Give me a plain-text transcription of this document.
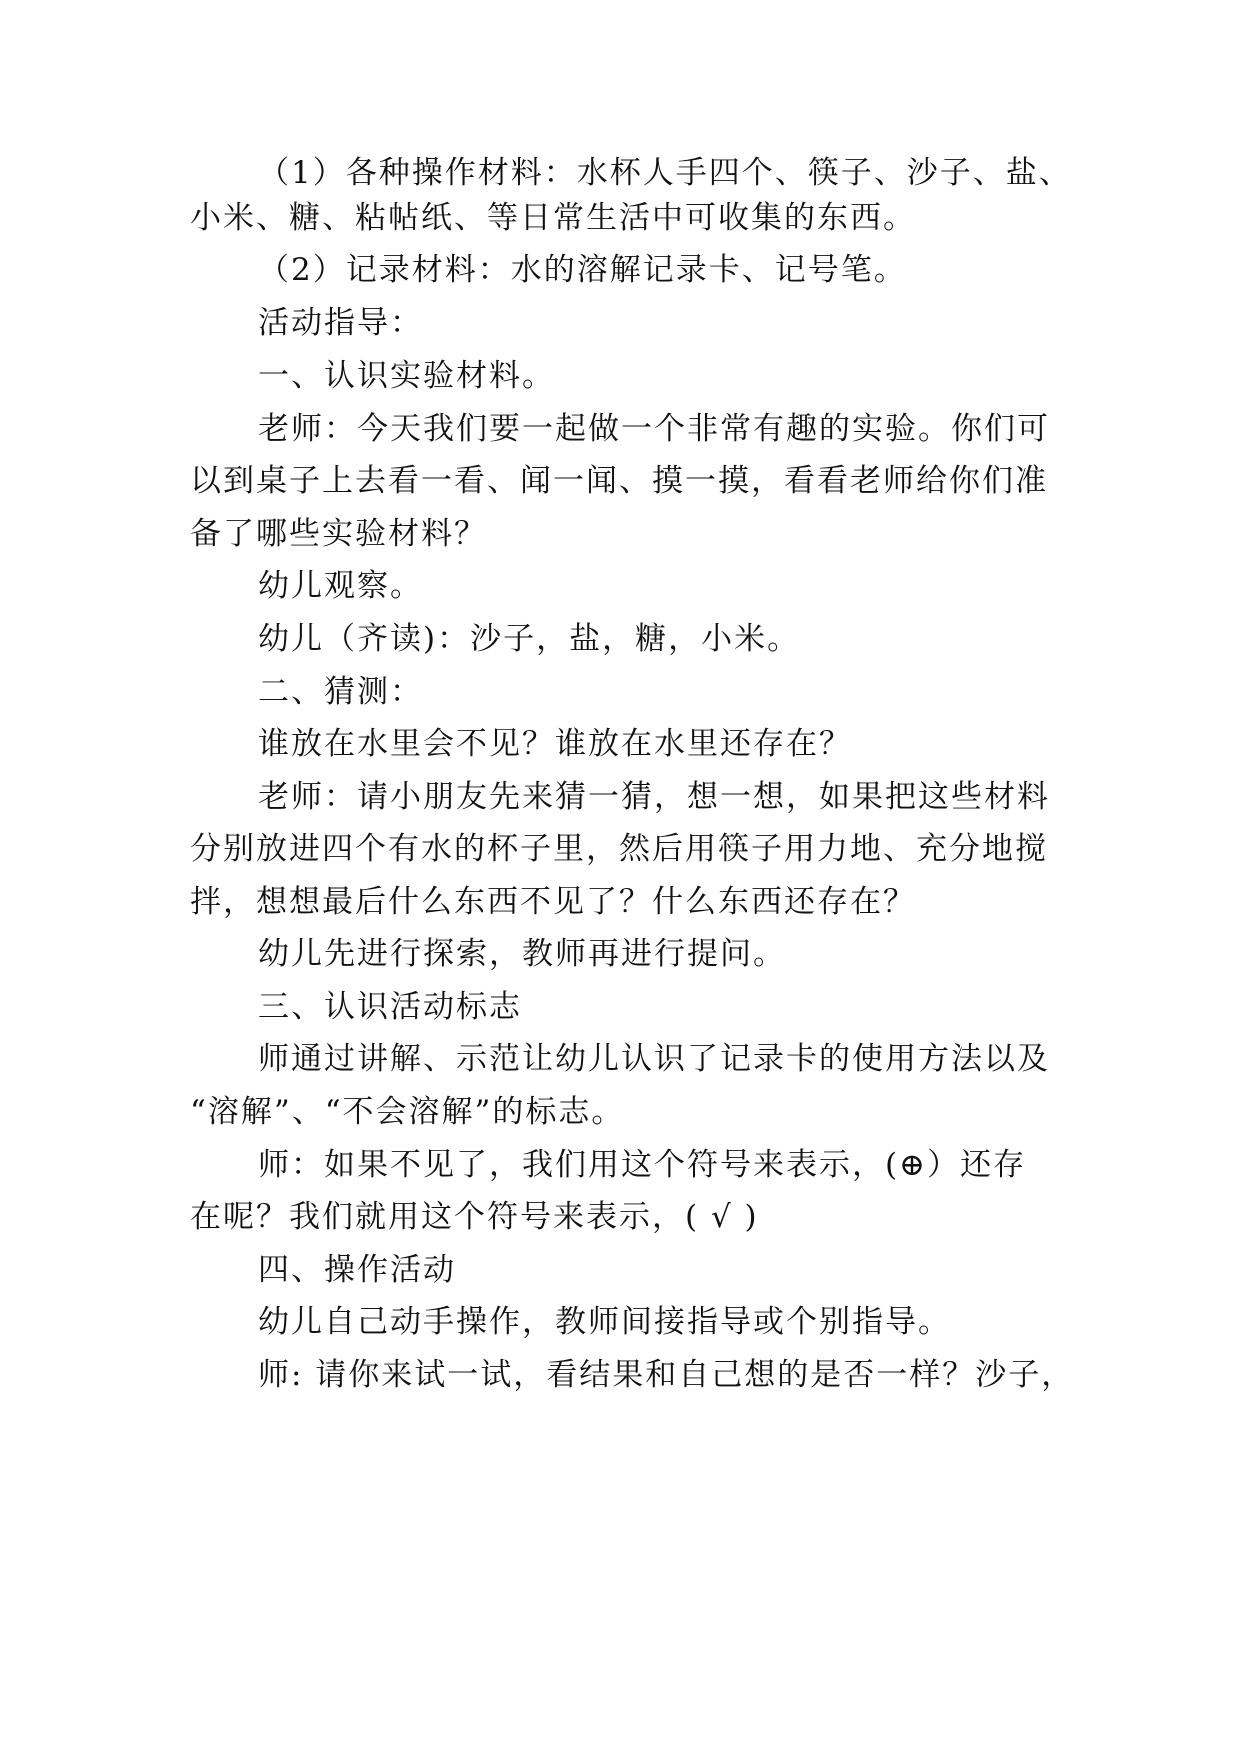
（1）各种操作材料：水杯人手四个、筷子、沙子、盐、
小米、糖、粘帖纸、等日常生活中可收集的东西。
（2）记录材料：水的溶解记录卡、记号笔。
活动指导：
一、认识实验材料。
老师：今天我们要一起做一个非常有趣的实验。你们可
以到桌子上去看一看、闻一闻、摸一摸，看看老师给你们准
备了哪些实验材料？
幼儿观察。
幼儿（齐读)：沙子，盐，糖，小米。
二、猜测：
谁放在水里会不见？谁放在水里还存在？
老师：请小朋友先来猜一猜，想一想，如果把这些材料
分别放进四个有水的杯子里，然后用筷子用力地、充分地搅
拌，想想最后什么东西不见了？什么东西还存在？
幼儿先进行探索，教师再进行提问。
三、认识活动标志
师通过讲解、示范让幼儿认识了记录卡的使用方法以及
“溶解”、“不会溶解”的标志。
师：如果不见了，我们用这个符号来表示，(⊕）还存
在呢？我们就用这个符号来表示，( √ )
四、操作活动
幼儿自己动手操作，教师间接指导或个别指导。
师: 请你来试一试，看结果和自己想的是否一样？沙子，
